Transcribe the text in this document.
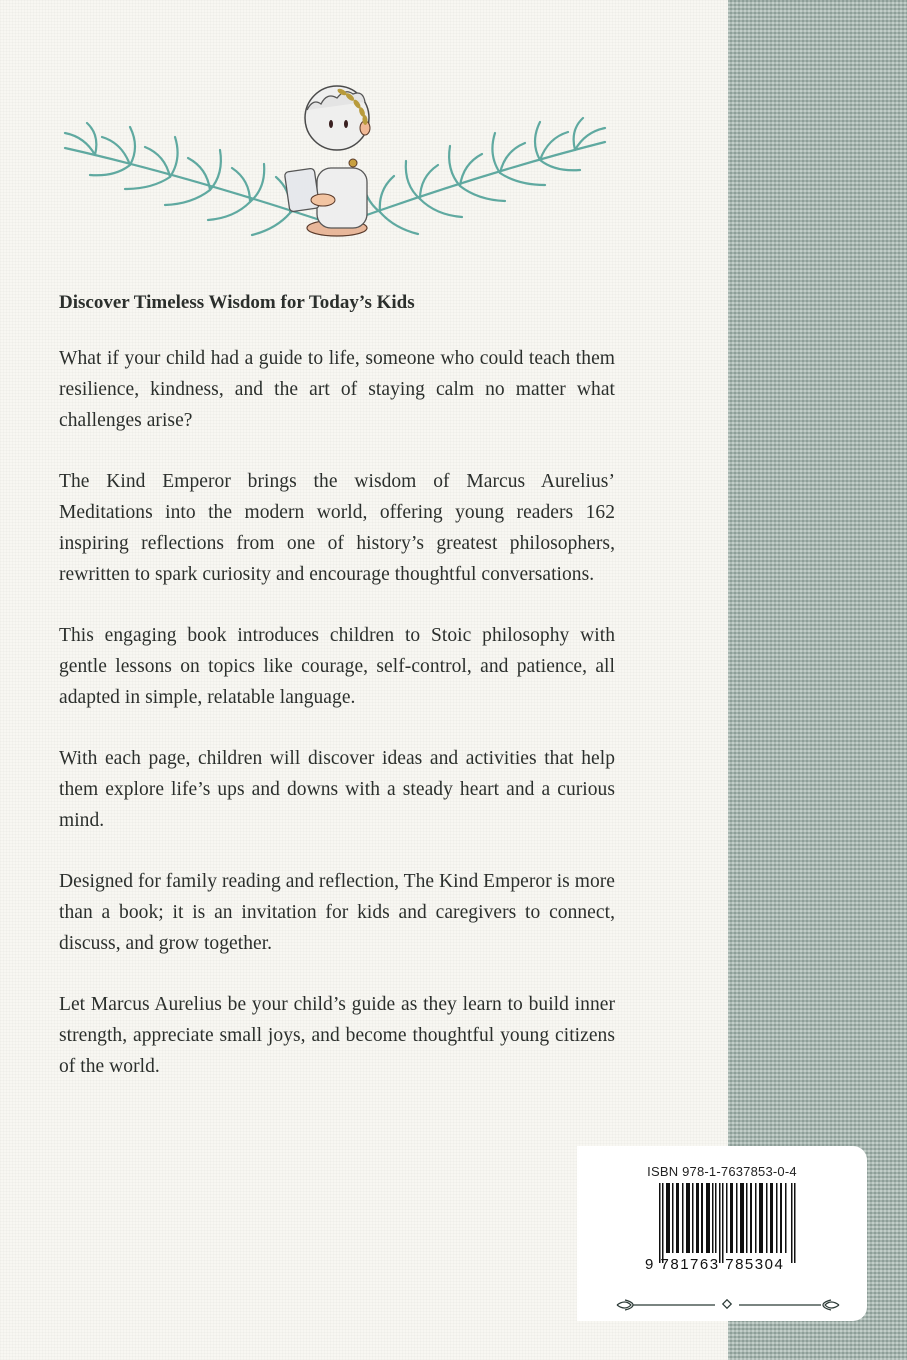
Discover Timeless Wisdom for Today’s Kids

What if your child had a guide to life, someone who could teach them resilience, kindness, and the art of staying calm no matter what challenges arise?

The Kind Emperor brings the wisdom of Marcus Aurelius’ Meditations into the modern world, offering young readers 162 inspiring reflections from one of history’s greatest philosophers, rewritten to spark curiosity and encourage thoughtful conversations.

This engaging book introduces children to Stoic philosophy with gentle lessons on topics like courage, self-control, and patience, all adapted in simple, relatable language.

With each page, children will discover ideas and activities that help them explore life’s ups and downs with a steady heart and a curious mind.

Designed for family reading and reflection, The Kind Emperor is more than a book; it is an invitation for kids and caregivers to connect, discuss, and grow together.

Let Marcus Aurelius be your child’s guide as they learn to build inner strength, appreciate small joys, and become thoughtful young citizens of the world.

ISBN 978-1-7637853-0-4
9 781763 785304
